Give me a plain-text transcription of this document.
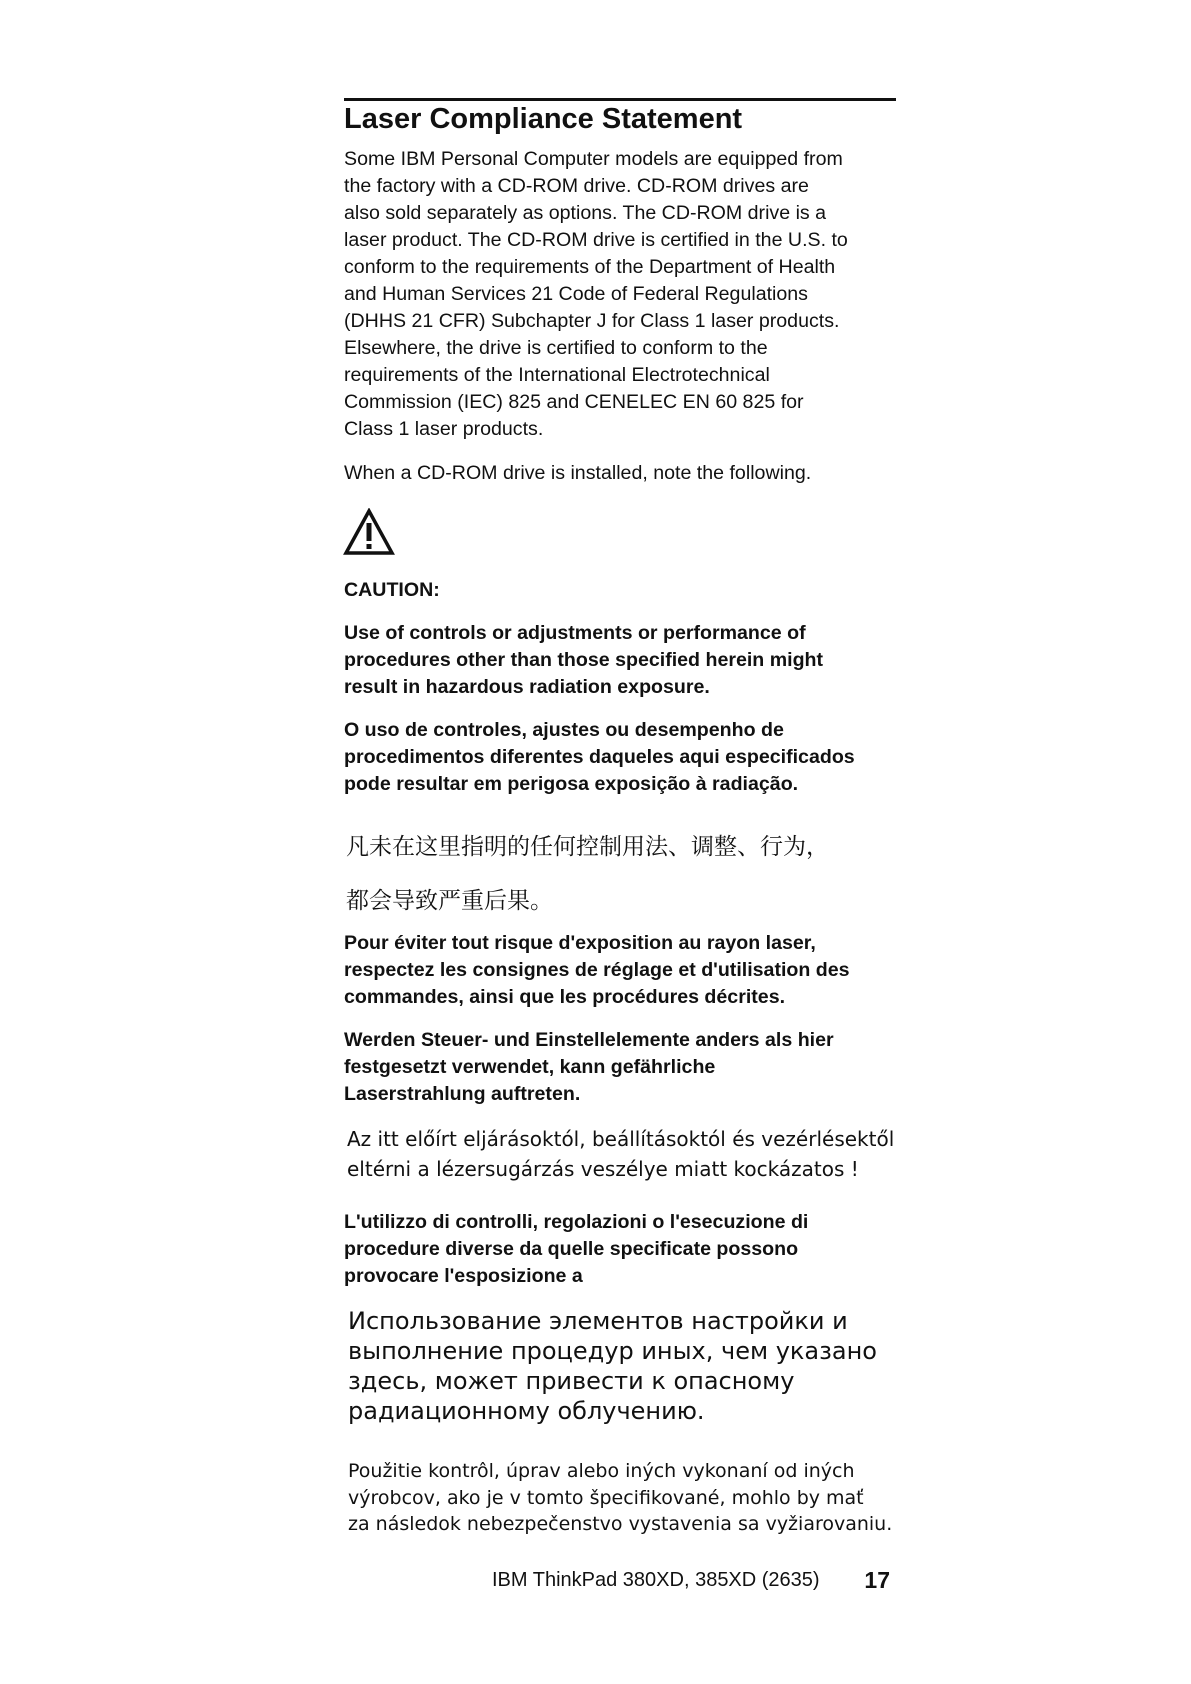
Laser Compliance Statement
Some IBM Personal Computer models are equipped from
the factory with a CD-ROM drive. CD-ROM drives are
also sold separately as options. The CD-ROM drive is a
laser product. The CD-ROM drive is certified in the U.S. to
conform to the requirements of the Department of Health
and Human Services 21 Code of Federal Regulations
(DHHS 21 CFR) Subchapter J for Class 1 laser products.
Elsewhere, the drive is certified to conform to the
requirements of the International Electrotechnical
Commission (IEC) 825 and CENELEC EN 60 825 for
Class 1 laser products.
When a CD-ROM drive is installed, note the following.
CAUTION:
Use of controls or adjustments or performance of
procedures other than those specified herein might
result in hazardous radiation exposure.
O uso de controles, ajustes ou desempenho de
procedimentos diferentes daqueles aqui especificados
pode resultar em perigosa exposição à radiação.
凡未在这里指明的任何控制用法、调整、行为，
都会导致严重后果。
Pour éviter tout risque d'exposition au rayon laser,
respectez les consignes de réglage et d'utilisation des
commandes, ainsi que les procédures décrites.
Werden Steuer- und Einstellelemente anders als hier
festgesetzt verwendet, kann gefährliche
Laserstrahlung auftreten.
Az itt előírt eljárásoktól, beállításoktól és vezérlésektől
eltérni a lézersugárzás veszélye miatt kockázatos !
L'utilizzo di controlli, regolazioni o l'esecuzione di
procedure diverse da quelle specificate possono
provocare l'esposizione a
Использование элементов настройки и
выполнение процедур иных, чем указано
здесь, может привести к опасному
радиационному облучению.
Použitie kontrôl, úprav alebo iných vykonaní od iných
výrobcov, ako je v tomto špecifikované, mohlo by mať
za následok nebezpečenstvo vystavenia sa vyžiarovaniu.
IBM ThinkPad 380XD, 385XD (2635) 17
